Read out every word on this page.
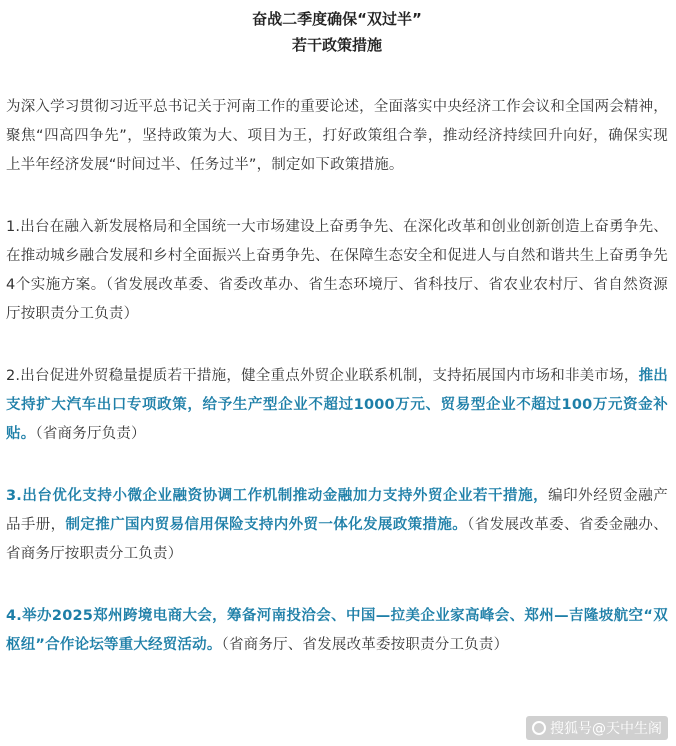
奋战二季度确保“双过半”
若干政策措施

为深入学习贯彻习近平总书记关于河南工作的重要论述，全面落实中央经济工作会议和全国两会精神，聚焦“四高四争先”，坚持政策为大、项目为王，打好政策组合拳，推动经济持续回升向好，确保实现上半年经济发展“时间过半、任务过半”，制定如下政策措施。

1.出台在融入新发展格局和全国统一大市场建设上奋勇争先、在深化改革和创业创新创造上奋勇争先、在推动城乡融合发展和乡村全面振兴上奋勇争先、在保障生态安全和促进人与自然和谐共生上奋勇争先4个实施方案。（省发展改革委、省委改革办、省生态环境厅、省科技厅、省农业农村厅、省自然资源厅按职责分工负责）

2.出台促进外贸稳量提质若干措施，健全重点外贸企业联系机制，支持拓展国内市场和非美市场，推出支持扩大汽车出口专项政策，给予生产型企业不超过1000万元、贸易型企业不超过100万元资金补贴。（省商务厅负责）

3.出台优化支持小微企业融资协调工作机制推动金融加力支持外贸企业若干措施，编印外经贸金融产品手册，制定推广国内贸易信用保险支持内外贸一体化发展政策措施。（省发展改革委、省委金融办、省商务厅按职责分工负责）

4.举办2025郑州跨境电商大会，筹备河南投洽会、中国—拉美企业家高峰会、郑州—吉隆坡航空“双枢纽”合作论坛等重大经贸活动。（省商务厅、省发展改革委按职责分工负责）

搜狐号@天中生阁
